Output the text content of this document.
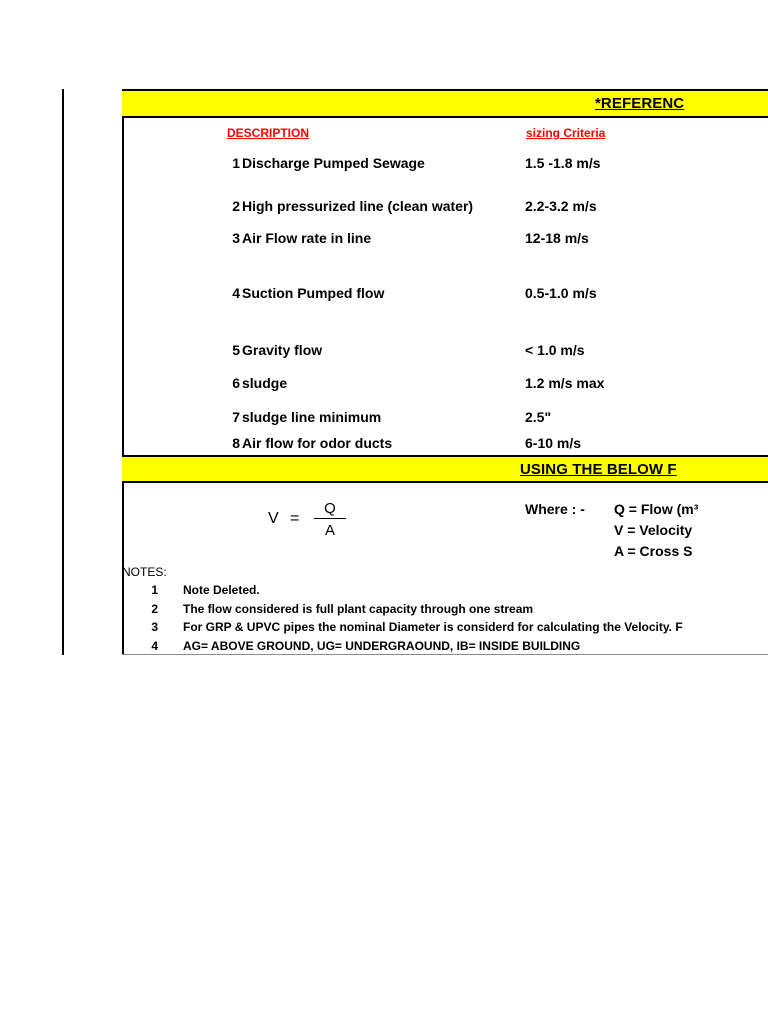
*REFERENC
DESCRIPTION	sizing Criteria
1 Discharge Pumped Sewage	1.5 -1.8 m/s
2 High pressurized line (clean water)	2.2-3.2 m/s
3 Air Flow rate in line	12-18 m/s
4 Suction Pumped flow	0.5-1.0 m/s
5 Gravity flow	< 1.0 m/s
6 sludge	1.2 m/s max
7 sludge line minimum	2.5"
8 Air flow for odor ducts	6-10 m/s
USING THE BELOW F
V =
Q
A
Where : - Q = Flow (m³
V = Velocity
A = Cross S
NOTES:
1 Note Deleted.
2 The flow considered is full plant capacity through one stream
3 For GRP & UPVC pipes the nominal Diameter is considerd for calculating the Velocity. F
4 AG= ABOVE GROUND, UG= UNDERGRAOUND, IB= INSIDE BUILDING
